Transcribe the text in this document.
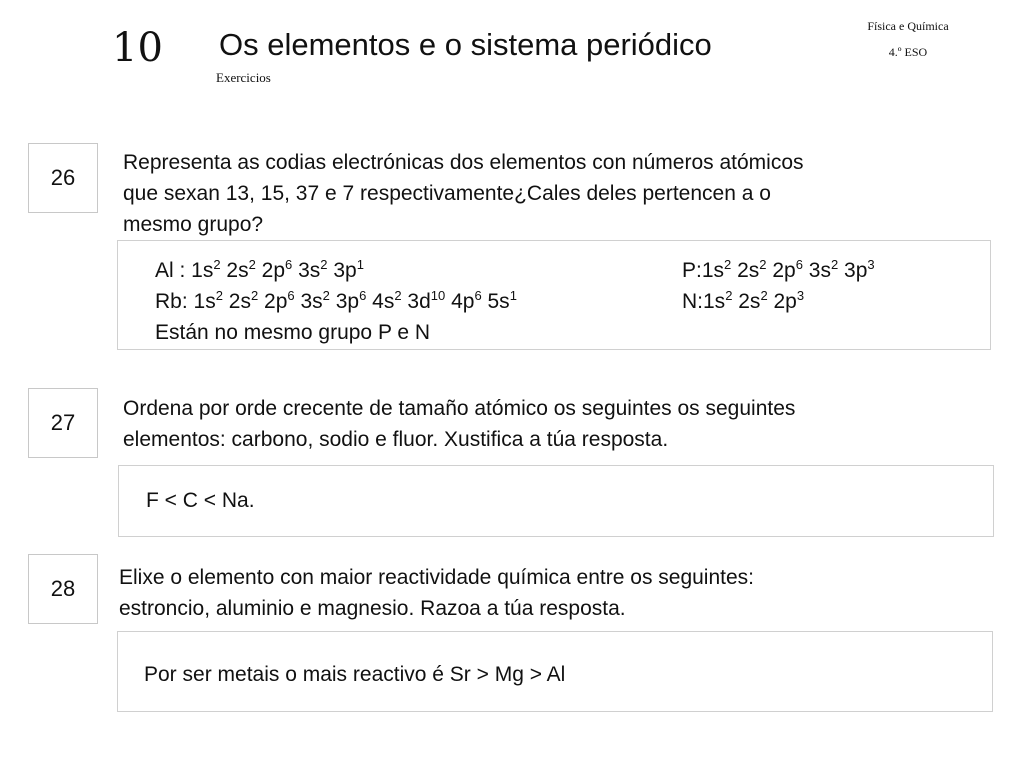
10 Os elementos e o sistema periódico
Exercicios
Física e Química
4.º ESO
26
Representa as codias electrónicas dos elementos con números atómicos
que sexan 13, 15, 37 e 7 respectivamente¿Cales deles pertencen a o
mesmo grupo?
Al : $1s^2$ $2s^2$ $2p^6$ $3s^2$ $3p^1$	$P:1s^2$ $2s^2$ $2p^6$ $3s^2$ $3p^3$
Rb: $1s^2$ $2s^2$ $2p^6$ $3s^2$ $3p^6$ $4s^2$ $3d^{10}$ $4p^6$ $5s^1$	$N:1s^2$ $2s^2$ $2p^3$
Están no mesmo grupo P e N
27
Ordena por orde crecente de tamaño atómico os seguintes os seguintes
elementos: carbono, sodio e fluor. Xustifica a túa resposta.
F < C < Na.
28	Elixe o elemento con maior reactividade química entre os seguintes:
estroncio, aluminio e magnesio. Razoa a túa resposta.
Por ser metais o mais reactivo é Sr > Mg > Al
